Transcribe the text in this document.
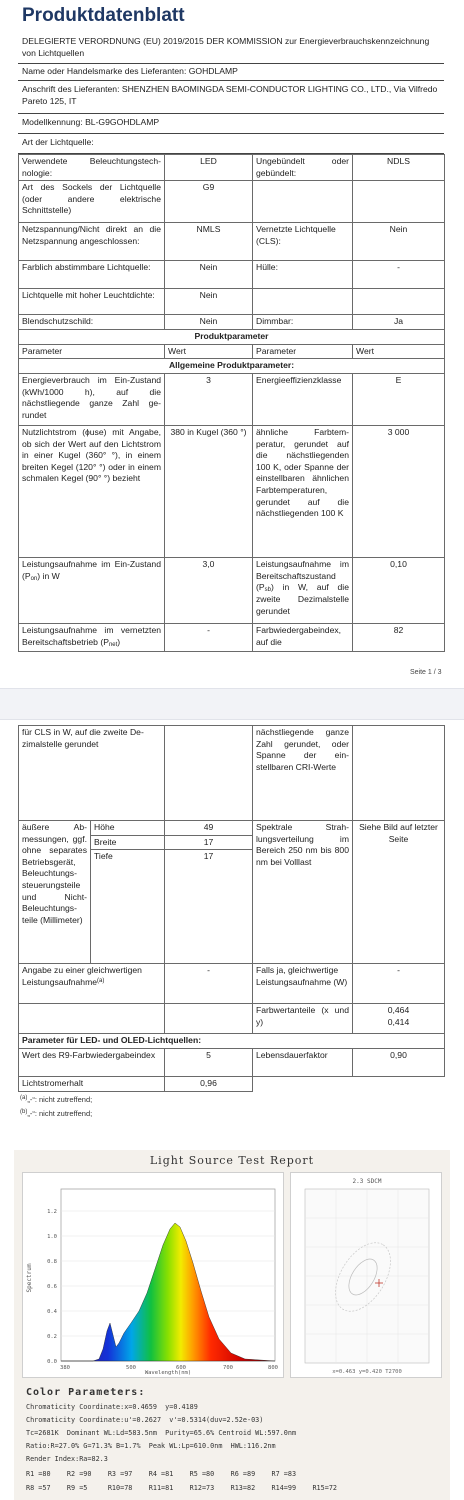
Produktdatenblatt
DELEGIERTE VERORDNUNG (EU) 2019/2015 DER KOMMISSION zur Energieverbrauchskennzeichnung von Lichtquellen
Name oder Handelsmarke des Lieferanten: GOHDLAMP
Anschrift des Lieferanten: SHENZHEN BAOMINGDA SEMI-CONDUCTOR LIGHTING CO., LTD., Via Vilfredo Pareto 125, IT
Modellkennung: BL-G9GOHDLAMP
Art der Lichtquelle:
Verwendete Beleuchtungstechnologie:	LED	Ungebündelt oder gebündelt:	NDLS
Art des Sockels der Lichtquelle (oder andere elektrische Schnittstelle)	G9		
Netzspannung/Nicht direkt an die Netzspannung angeschlossen:	NMLS	Vernetzte Lichtquelle (CLS):	Nein
Farblich abstimmbare Lichtquelle:	Nein	Hülle:	-
Lichtquelle mit hoher Leuchtdichte:	Nein		
Blendschutzschild:	Nein	Dimmbar:	Ja
Produktparameter			
Parameter	Wert	Parameter	Wert
Allgemeine Produktparameter:			
Energieverbrauch im Ein-Zustand (kWh/1000 h), auf die nächstliegende ganze Zahl gerundet	3	Energieeffizienzklasse	E
Nutzlichtstrom (ɸuse) mit Angabe, ob sich der Wert auf den Lichtstrom in einer Kugel (360° °), in einem breiten Kegel (120° °) oder in einem schmalen Kegel (90° °) bezieht	380 in Kugel (360 °)	ähnliche Farbtemperatur, gerundet auf die nächstliegenden 100 K, oder Spanne der einstellbaren ähnlichen Farbtemperaturen, gerundet auf die nächstliegenden 100 K	3 000
Leistungsaufnahme im Ein-Zustand (Pon) in W	3,0	Leistungsaufnahme im Bereitschaftszustand (Psb) in W, auf die zweite Dezimalstelle gerundet	0,10
Leistungsaufnahme im vernetzten Bereitschaftsbetrieb (Pnet)	-	Farbwiedergabeindex, auf die	82
Seite 1 / 3
für CLS in W, auf die zweite Dezimalstelle gerundet			nächstliegende ganze Zahl gerundet, oder Spanne der einstellbaren CRI-Werte	
äußere Abmessungen, ggf. ohne separates Betriebsgerät, Beleuchtungssteuerungsteile und Nicht-Beleuchtungsteile (Millimeter)	Höhe	49	Spektrale Strahlungsverteilung im Bereich 250 nm bis 800 nm bei Volllast	Siehe Bild auf letzter Seite
	Breite	17		
	Tiefe	17		
Angabe zu einer gleichwertigen Leistungsaufnahme$^{(a)}$		-	Falls ja, gleichwertige Leistungsaufnahme (W)	-
			Farbwertanteile (x und y)	0,464
0,414

Parameter für LED- und OLED-Lichtquellen:				
Wert des R9-Farbwiedergabeindex		5	Lebensdauerfaktor	0,90
Lichtstromerhalt		0,96		
$^{(a)}$„-“: nicht zutreffend;
$^{(b)}$„-“: nicht zutreffend;
Light Source Test Report
Spectrum
Wavelength(nm)
1.2
1.0
0.8
0.6
0.4
0.2
0.0
380	500	600	700	800
2.3 SDCM
x=0.463 y=0.420 T2700
Color Parameters:
Chromaticity Coordinate:x=0.4659  y=0.4189
Chromaticity Coordinate:u'=0.2627  v'=0.5314(duv=2.52e-03)
Tc=2681K  Dominant WL:Ld=583.5nm  Purity=65.6% Centroid WL:597.0nm
Ratio:R=27.0% G=71.3% B=1.7%  Peak WL:Lp=610.0nm  HWL:116.2nm
Render Index:Ra=82.3
R1 =80    R2 =90    R3 =97    R4 =81    R5 =80    R6 =89    R7 =83
R8 =57    R9 =5     R10=78    R11=81    R12=73    R13=82    R14=99    R15=72
